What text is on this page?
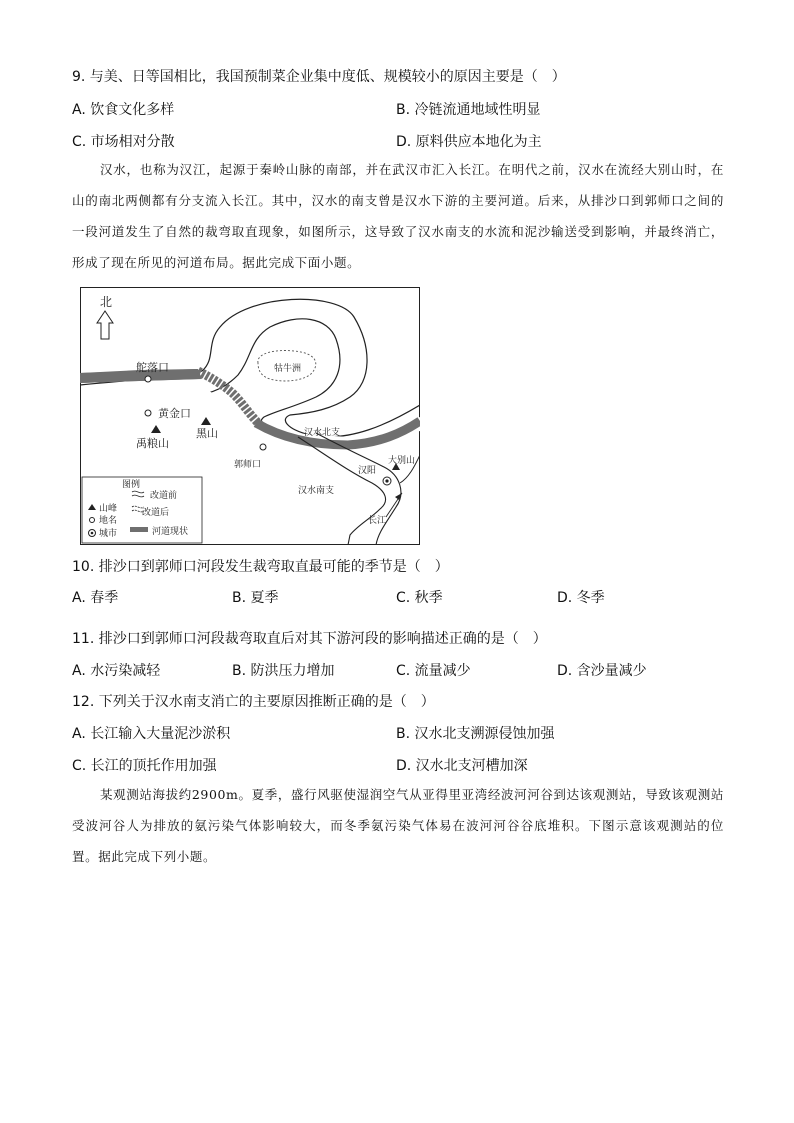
9. 与美、日等国相比，我国预制菜企业集中度低、规模较小的原因主要是（　）
A. 饮食文化多样	B. 冷链流通地域性明显
C. 市场相对分散	D. 原料供应本地化为主
汉水，也称为汉江，起源于秦岭山脉的南部，并在武汉市汇入长江。在明代之前，汉水在流经大别山时，在山的南北两侧都有分支流入长江。其中，汉水的南支曾是汉水下游的主要河道。后来，从排沙口到郭师口之间的一段河道发生了自然的裁弯取直现象，如图所示，这导致了汉水南支的水流和泥沙输送受到影响，并最终消亡，形成了现在所见的河道布局。据此完成下面小题。
北
牯牛洲
舵落口
黄金口
禹粮山
黑山
郭师口
汉水北支
汉阳
大别山
汉水南支
长江
图例
山峰
地名
城市
改道前
改道后
河道现状
10. 排沙口到郭师口河段发生裁弯取直最可能的季节是（　）
A. 春季	B. 夏季	C. 秋季	D. 冬季
11. 排沙口到郭师口河段裁弯取直后对其下游河段的影响描述正确的是（　）
A. 水污染减轻	B. 防洪压力增加	C. 流量减少	D. 含沙量减少
12. 下列关于汉水南支消亡的主要原因推断正确的是（　）
A. 长江输入大量泥沙淤积	B. 汉水北支溯源侵蚀加强
C. 长江的顶托作用加强	D. 汉水北支河槽加深
某观测站海拔约2900m。夏季，盛行风驱使湿润空气从亚得里亚湾经波河河谷到达该观测站，导致该观测站受波河谷人为排放的氨污染气体影响较大，而冬季氨污染气体易在波河河谷谷底堆积。下图示意该观测站的位置。据此完成下列小题。
